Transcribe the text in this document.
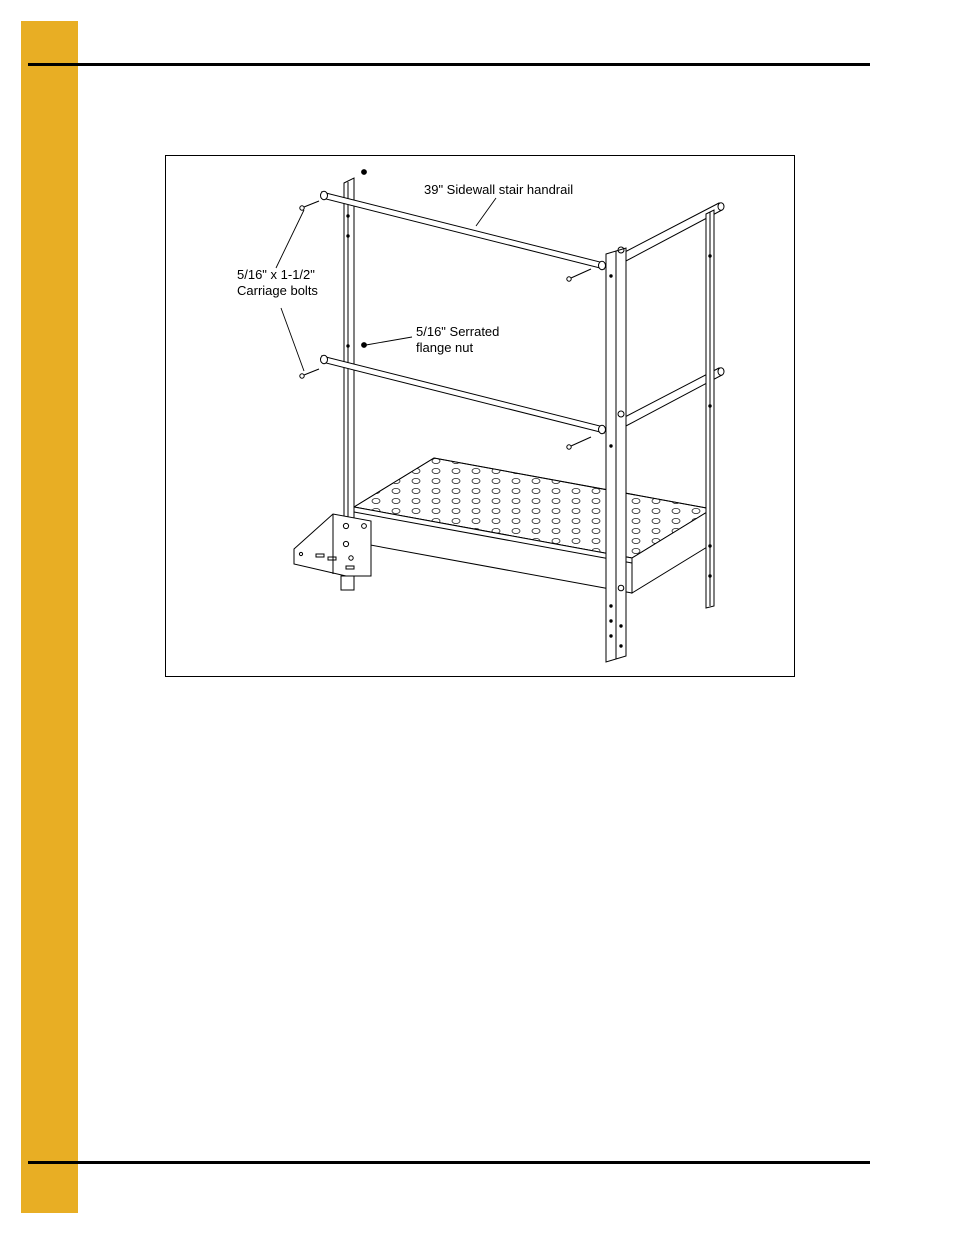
39" Sidewall stair handrail
5/16" x 1-1/2"
Carriage bolts
5/16" Serrated
flange nut
